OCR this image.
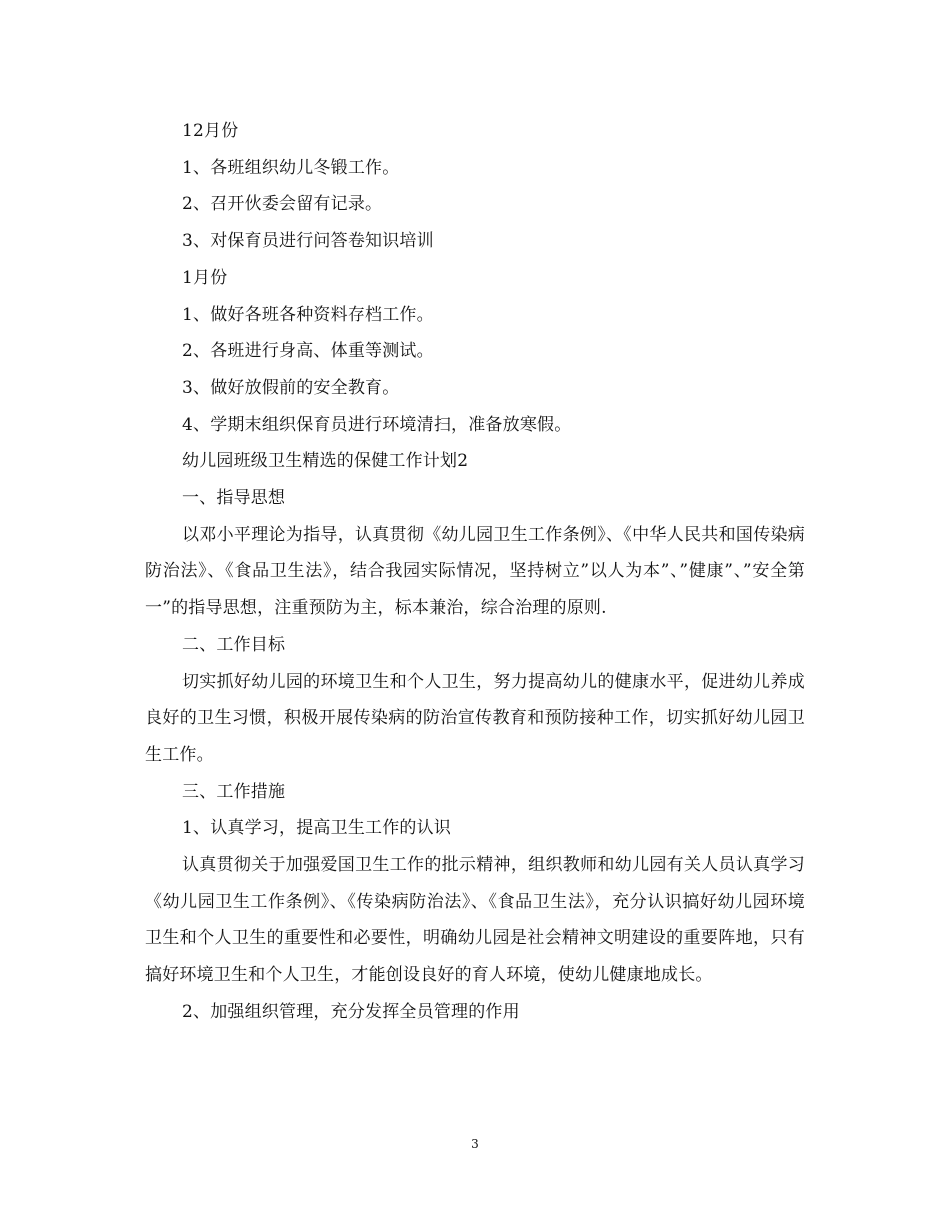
12月份

1、各班组织幼儿冬锻工作。

2、召开伙委会留有记录。

3、对保育员进行问答卷知识培训

1月份

1、做好各班各种资料存档工作。

2、各班进行身高、体重等测试。

3、做好放假前的安全教育。

4、学期末组织保育员进行环境清扫，准备放寒假。

幼儿园班级卫生精选的保健工作计划2

一、指导思想

以邓小平理论为指导，认真贯彻《幼儿园卫生工作条例》、《中华人民共和国传染病防治法》、《食品卫生法》，结合我园实际情况，坚持树立”以人为本”、”健康”、”安全第一”的指导思想，注重预防为主，标本兼治，综合治理的原则.

二、工作目标

切实抓好幼儿园的环境卫生和个人卫生，努力提高幼儿的健康水平，促进幼儿养成良好的卫生习惯，积极开展传染病的防治宣传教育和预防接种工作，切实抓好幼儿园卫生工作。

三、工作措施

1、认真学习，提高卫生工作的认识

认真贯彻关于加强爱国卫生工作的批示精神，组织教师和幼儿园有关人员认真学习《幼儿园卫生工作条例》、《传染病防治法》、《食品卫生法》，充分认识搞好幼儿园环境卫生和个人卫生的重要性和必要性，明确幼儿园是社会精神文明建设的重要阵地，只有搞好环境卫生和个人卫生，才能创设良好的育人环境，使幼儿健康地成长。

2、加强组织管理，充分发挥全员管理的作用

3
